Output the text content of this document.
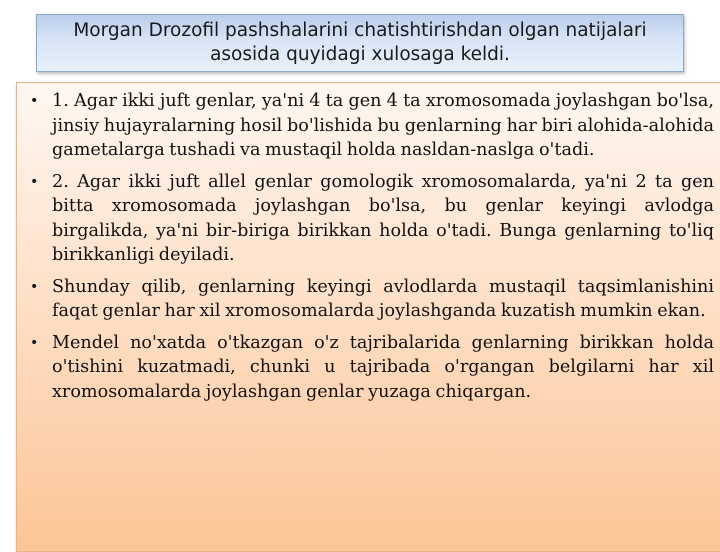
Morgan Drozofil pashshalarini chatishtirishdan olgan natijalari asosida quyidagi xulosaga keldi.
• 1. Agar ikki juft genlar, ya'ni 4 ta gen 4 ta xromosomada joylashgan bo'lsa, jinsiy hujayralarning hosil bo'lishida bu genlarning har biri alohida-alohida gametalarga tushadi va mustaqil holda nasldan-naslga o'tadi.
• 2. Agar ikki juft allel genlar gomologik xromosomalarda, ya'ni 2 ta gen bitta xromosomada joylashgan bo'lsa, bu genlar keyingi avlodga birgalikda, ya'ni bir-biriga birikkan holda o'tadi. Bunga genlarning to'liq birikkanligi deyiladi.
• Shunday qilib, genlarning keyingi avlodlarda mustaqil taqsimlanishini faqat genlar har xil xromosomalarda joylashganda kuzatish mumkin ekan.
• Mendel no'xatda o'tkazgan o'z tajribalarida genlarning birikkan holda o'tishini kuzatmadi, chunki u tajribada o'rgangan belgilarni har xil xromosomalarda joylashgan genlar yuzaga chiqargan.
